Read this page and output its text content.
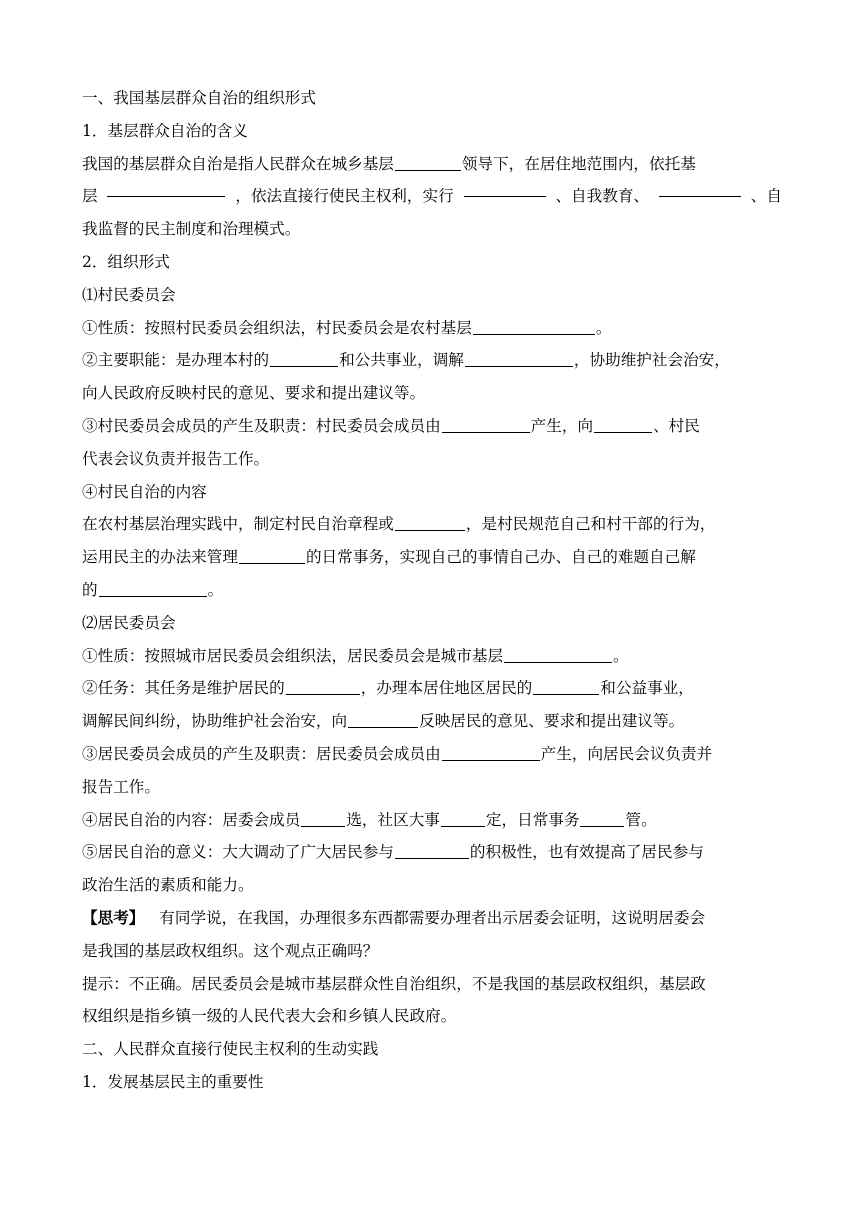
一、我国基层群众自治的组织形式

1．基层群众自治的含义

我国的基层群众自治是指人民群众在城乡基层	领导下，在居住地范围内，依托基

层	，依法直接行使民主权利，实行	、自我教育、	、自

我监督的民主制度和治理模式。

2．组织形式

⑴村民委员会

①性质：按照村民委员会组织法，村民委员会是农村基层	。

②主要职能：是办理本村的	和公共事业，调解	，协助维护社会治安，

向人民政府反映村民的意见、要求和提出建议等。

③村民委员会成员的产生及职责：村民委员会成员由	产生，向	、村民

代表会议负责并报告工作。

④村民自治的内容

在农村基层治理实践中，制定村民自治章程或	，是村民规范自己和村干部的行为，

运用民主的办法来管理	的日常事务，实现自己的事情自己办、自己的难题自己解

的	。

⑵居民委员会

①性质：按照城市居民委员会组织法，居民委员会是城市基层	。

②任务：其任务是维护居民的	，办理本居住地区居民的	和公益事业，

调解民间纠纷，协助维护社会治安，向	反映居民的意见、要求和提出建议等。

③居民委员会成员的产生及职责：居民委员会成员由	产生，向居民会议负责并

报告工作。

④居民自治的内容：居委会成员	选，社区大事	定，日常事务	管。

⑤居民自治的意义：大大调动了广大居民参与	的积极性，也有效提高了居民参与

政治生活的素质和能力。

【思考】 有同学说，在我国，办理很多东西都需要办理者出示居委会证明，这说明居委会

是我国的基层政权组织。这个观点正确吗？

提示：不正确。居民委员会是城市基层群众性自治组织，不是我国的基层政权组织，基层政

权组织是指乡镇一级的人民代表大会和乡镇人民政府。

二、人民群众直接行使民主权利的生动实践

1．发展基层民主的重要性
